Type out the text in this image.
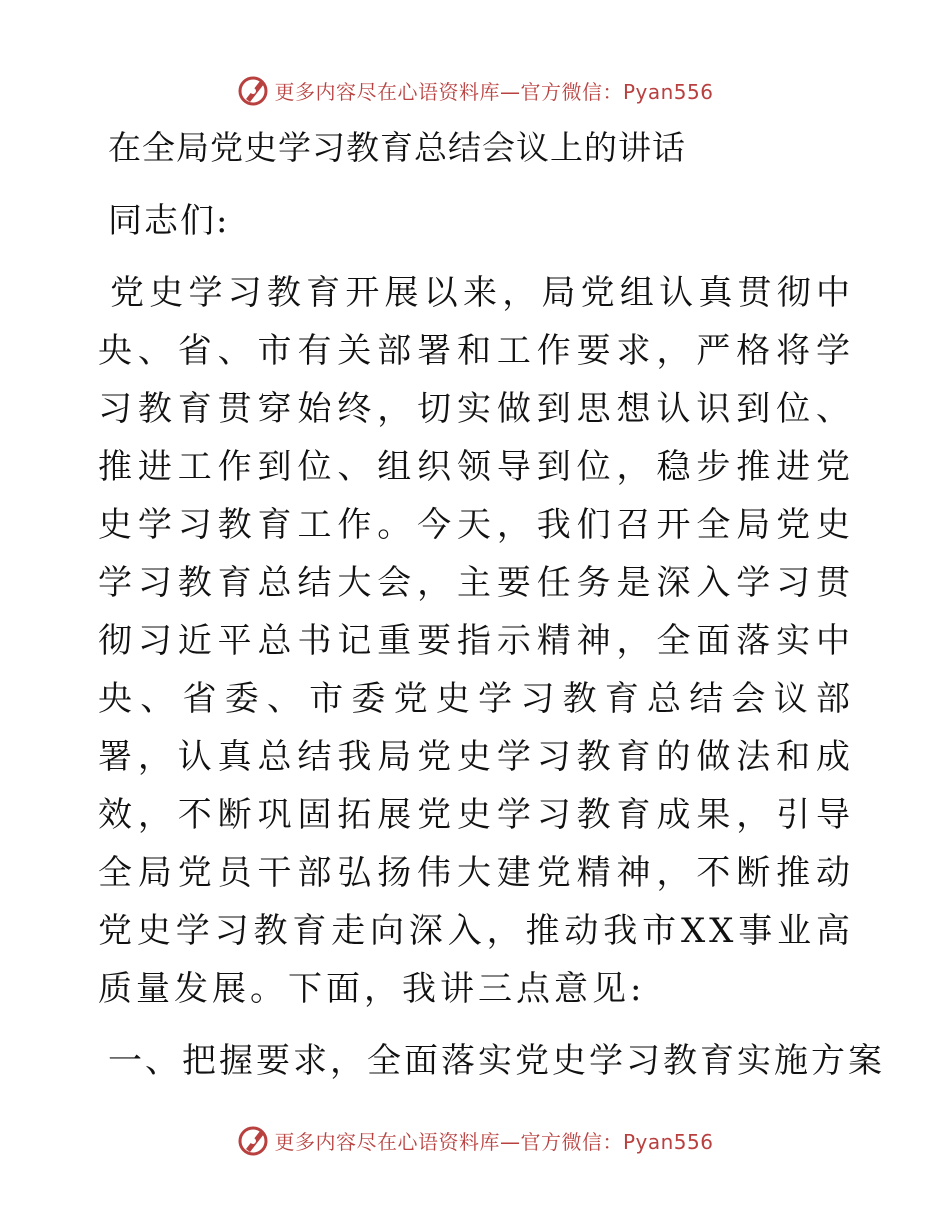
更多内容尽在心语资料库—官方微信：Pyan556
在全局党史学习教育总结会议上的讲话
同志们:

党史学习教育开展以来，局党组认真贯彻中央、省、市有关部署和工作要求，严格将学习教育贯穿始终，切实做到思想认识到位、推进工作到位、组织领导到位，稳步推进党史学习教育工作。今天，我们召开全局党史学习教育总结大会，主要任务是深入学习贯彻习近平总书记重要指示精神，全面落实中央、省委、市委党史学习教育总结会议部署，认真总结我局党史学习教育的做法和成效，不断巩固拓展党史学习教育成果，引导全局党员干部弘扬伟大建党精神，不断推动党史学习教育走向深入，推动我市XX事业高质量发展。下面，我讲三点意见:

一、把握要求，全面落实党史学习教育实施方案
更多内容尽在心语资料库—官方微信：Pyan556
